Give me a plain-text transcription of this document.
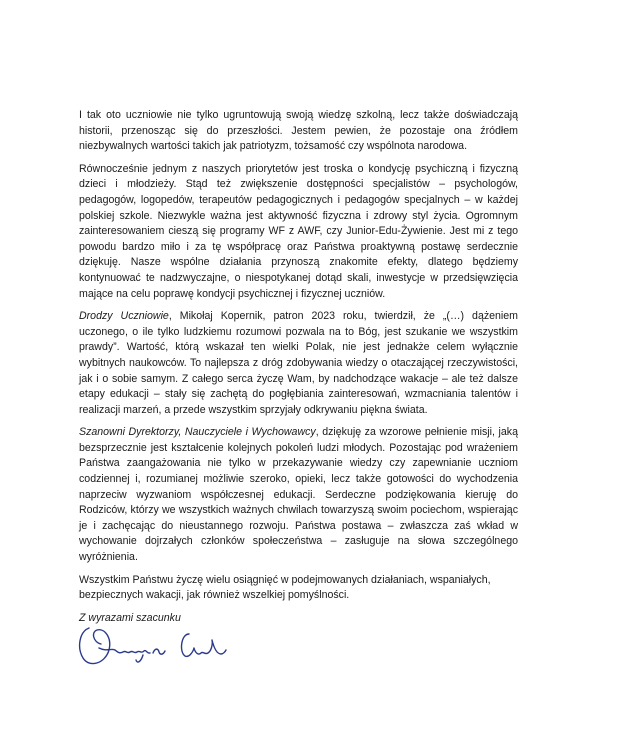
I tak oto uczniowie nie tylko ugruntowują swoją wiedzę szkolną, lecz także doświadczają historii, przenosząc się do przeszłości. Jestem pewien, że pozostaje ona źródłem niezbywalnych wartości takich jak patriotyzm, tożsamość czy wspólnota narodowa.

Równocześnie jednym z naszych priorytetów jest troska o kondycję psychiczną i fizyczną dzieci i młodzieży. Stąd też zwiększenie dostępności specjalistów – psychologów, pedagogów, logopedów, terapeutów pedagogicznych i pedagogów specjalnych – w każdej polskiej szkole. Niezwykle ważna jest aktywność fizyczna i zdrowy styl życia. Ogromnym zainteresowaniem cieszą się programy WF z AWF, czy Junior-Edu-Żywienie. Jest mi z tego powodu bardzo miło i za tę współpracę oraz Państwa proaktywną postawę serdecznie dziękuję. Nasze wspólne działania przynoszą znakomite efekty, dlatego będziemy kontynuować te nadzwyczajne, o niespotykanej dotąd skali, inwestycje w przedsięwzięcia mające na celu poprawę kondycji psychicznej i fizycznej uczniów.

Drodzy Uczniowie, Mikołaj Kopernik, patron 2023 roku, twierdził, że „(…) dążeniem uczonego, o ile tylko ludzkiemu rozumowi pozwala na to Bóg, jest szukanie we wszystkim prawdy”. Wartość, którą wskazał ten wielki Polak, nie jest jednakże celem wyłącznie wybitnych naukowców. To najlepsza z dróg zdobywania wiedzy o otaczającej rzeczywistości, jak i o sobie samym. Z całego serca życzę Wam, by nadchodzące wakacje – ale też dalsze etapy edukacji – stały się zachętą do pogłębiania zainteresowań, wzmacniania talentów i realizacji marzeń, a przede wszystkim sprzyjały odkrywaniu piękna świata.

Szanowni Dyrektorzy, Nauczyciele i Wychowawcy, dziękuję za wzorowe pełnienie misji, jaką bezsprzecznie jest kształcenie kolejnych pokoleń ludzi młodych. Pozostając pod wrażeniem Państwa zaangażowania nie tylko w przekazywanie wiedzy czy zapewnianie uczniom codziennej i, rozumianej możliwie szeroko, opieki, lecz także gotowości do wychodzenia naprzeciw wyzwaniom współczesnej edukacji. Serdeczne podziękowania kieruję do Rodziców, którzy we wszystkich ważnych chwilach towarzyszą swoim pociechom, wspierając je i zachęcając do nieustannego rozwoju. Państwa postawa – zwłaszcza zaś wkład w wychowanie dojrzałych członków społeczeństwa – zasługuje na słowa szczególnego wyróżnienia.

Wszystkim Państwu życzę wielu osiągnięć w podejmowanych działaniach, wspaniałych, bezpiecznych wakacji, jak również wszelkiej pomyślności.

Z wyrazami szacunku
